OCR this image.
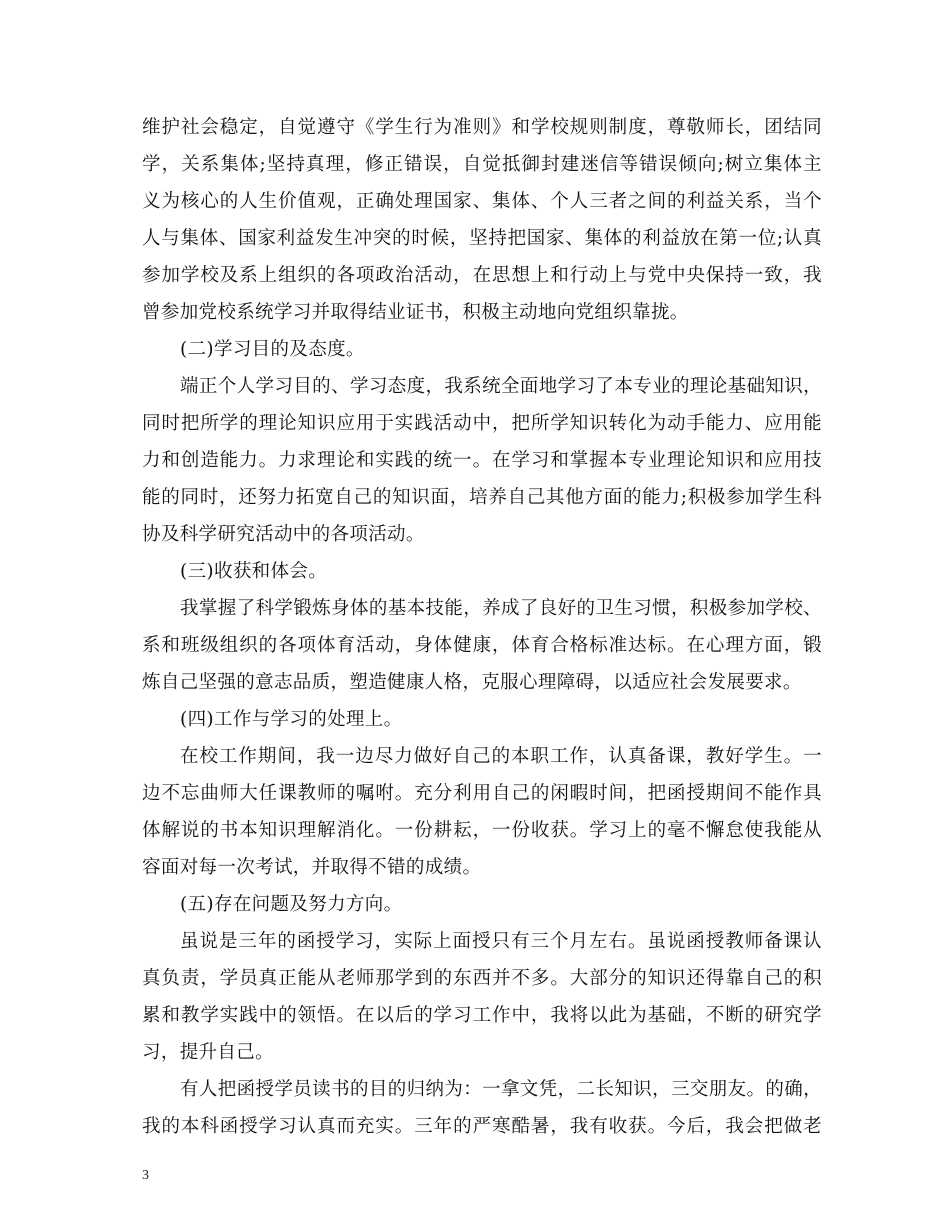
维护社会稳定，自觉遵守《学生行为准则》和学校规则制度，尊敬师长，团结同
学，关系集体;坚持真理，修正错误，自觉抵御封建迷信等错误倾向;树立集体主
义为核心的人生价值观，正确处理国家、集体、个人三者之间的利益关系，当个
人与集体、国家利益发生冲突的时候，坚持把国家、集体的利益放在第一位;认真
参加学校及系上组织的各项政治活动，在思想上和行动上与党中央保持一致，我
曾参加党校系统学习并取得结业证书，积极主动地向党组织靠拢。
(二)学习目的及态度。
端正个人学习目的、学习态度，我系统全面地学习了本专业的理论基础知识，
同时把所学的理论知识应用于实践活动中，把所学知识转化为动手能力、应用能
力和创造能力。力求理论和实践的统一。在学习和掌握本专业理论知识和应用技
能的同时，还努力拓宽自己的知识面，培养自己其他方面的能力;积极参加学生科
协及科学研究活动中的各项活动。
(三)收获和体会。
我掌握了科学锻炼身体的基本技能，养成了良好的卫生习惯，积极参加学校、
系和班级组织的各项体育活动，身体健康，体育合格标准达标。在心理方面，锻
炼自己坚强的意志品质，塑造健康人格，克服心理障碍，以适应社会发展要求。
(四)工作与学习的处理上。
在校工作期间，我一边尽力做好自己的本职工作，认真备课，教好学生。一
边不忘曲师大任课教师的嘱咐。充分利用自己的闲暇时间，把函授期间不能作具
体解说的书本知识理解消化。一份耕耘，一份收获。学习上的毫不懈怠使我能从
容面对每一次考试，并取得不错的成绩。
(五)存在问题及努力方向。
虽说是三年的函授学习，实际上面授只有三个月左右。虽说函授教师备课认
真负责，学员真正能从老师那学到的东西并不多。大部分的知识还得靠自己的积
累和教学实践中的领悟。在以后的学习工作中，我将以此为基础，不断的研究学
习，提升自己。
有人把函授学员读书的目的归纳为：一拿文凭，二长知识，三交朋友。的确，
我的本科函授学习认真而充实。三年的严寒酷暑，我有收获。今后，我会把做老
3
